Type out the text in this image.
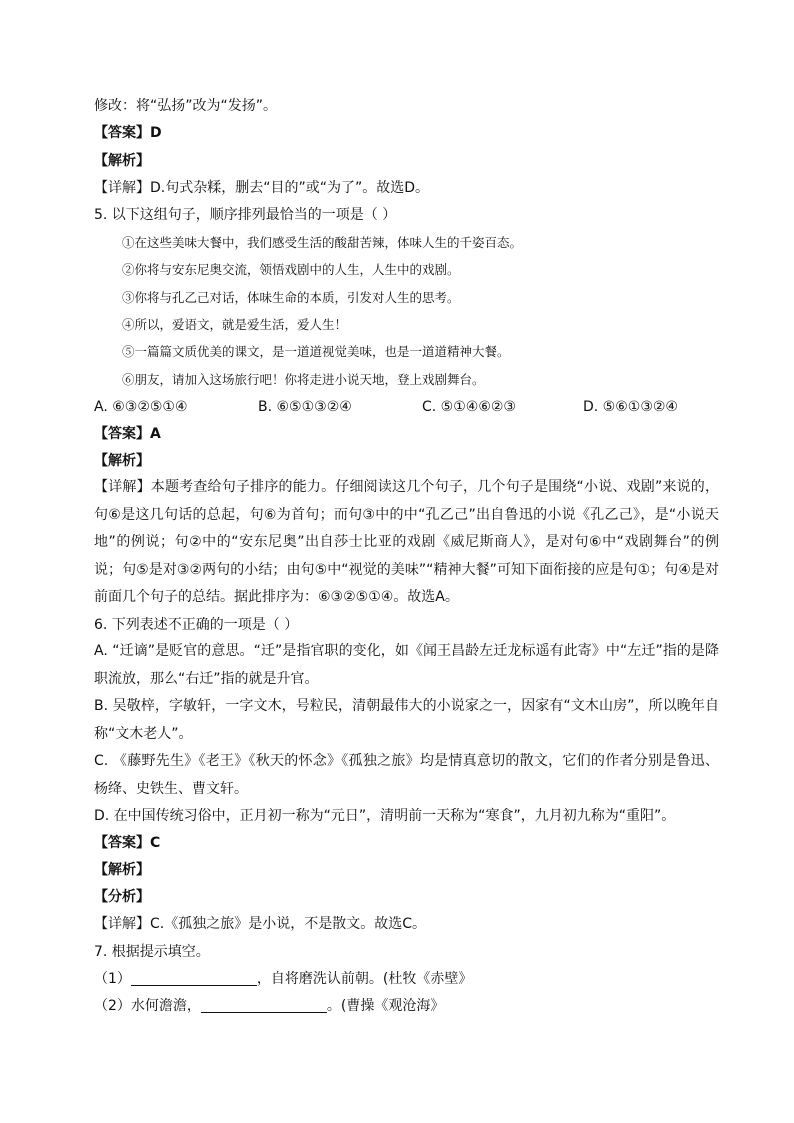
修改：将“弘扬”改为“发扬”。
【答案】D
【解析】
【详解】D.句式杂糅，删去“目的”或“为了”。故选D。
5. 以下这组句子，顺序排列最恰当的一项是（ ）
①在这些美味大餐中，我们感受生活的酸甜苦辣，体味人生的千姿百态。
②你将与安东尼奥交流，领悟戏剧中的人生，人生中的戏剧。
③你将与孔乙己对话，体味生命的本质，引发对人生的思考。
④所以，爱语文，就是爱生活，爱人生！
⑤一篇篇文质优美的课文，是一道道视觉美味，也是一道道精神大餐。
⑥朋友，请加入这场旅行吧！你将走进小说天地，登上戏剧舞台。
A. ⑥③②⑤①④	B. ⑥⑤①③②④	C. ⑤①④⑥②③	D. ⑤⑥①③②④
【答案】A
【解析】
【详解】本题考查给句子排序的能力。仔细阅读这几个句子，几个句子是围绕“小说、戏剧”来说的，句⑥是这几句话的总起，句⑥为首句；而句③中的中“孔乙己”出自鲁迅的小说《孔乙己》，是“小说天地”的例说；句②中的“安东尼奥”出自莎士比亚的戏剧《威尼斯商人》，是对句⑥中“戏剧舞台”的例说；句⑤是对③②两句的小结；由句⑤中“视觉的美味”“精神大餐”可知下面衔接的应是句①；句④是对前面几个句子的总结。据此排序为：⑥③②⑤①④。故选A。
6. 下列表述不正确的一项是（ ）
A. “迁谪”是贬官的意思。“迁”是指官职的变化，如《闻王昌龄左迁龙标遥有此寄》中“左迁”指的是降职流放，那么“右迁”指的就是升官。
B. 吴敬梓，字敏轩，一字文木，号粒民，清朝最伟大的小说家之一，因家有“文木山房”，所以晚年自称“文木老人”。
C. 《藤野先生》《老王》《秋天的怀念》《孤独之旅》均是情真意切的散文，它们的作者分别是鲁迅、杨绛、史铁生、曹文轩。
D. 在中国传统习俗中，正月初一称为“元日”，清明前一天称为“寒食”，九月初九称为“重阳”。
【答案】C
【解析】
【分析】
【详解】C.《孤独之旅》是小说，不是散文。故选C。
7. 根据提示填空。
（1）	，自将磨洗认前朝。(杜牧《赤壁》
（2）水何澹澹，	。(曹操《观沧海》
